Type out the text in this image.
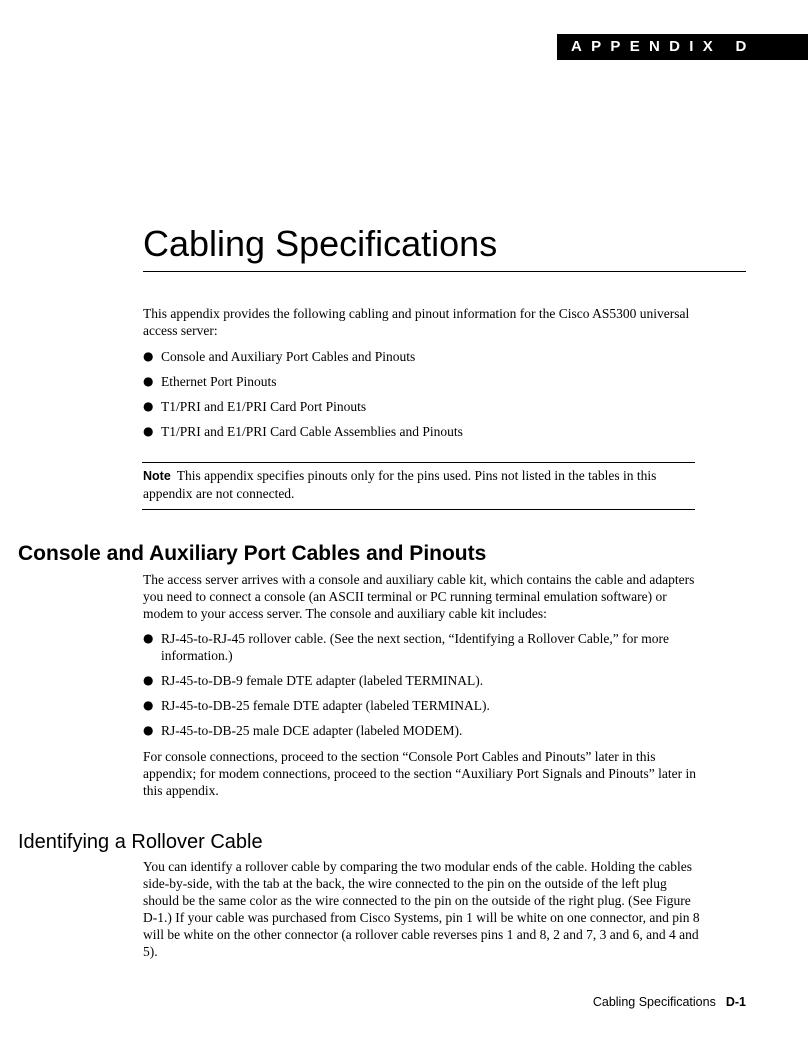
APPENDIX D
Cabling Specifications

This appendix provides the following cabling and pinout information for the Cisco AS5300 universal access server:

● Console and Auxiliary Port Cables and Pinouts
● Ethernet Port Pinouts
● T1/PRI and E1/PRI Card Port Pinouts
● T1/PRI and E1/PRI Card Cable Assemblies and Pinouts

Note This appendix specifies pinouts only for the pins used. Pins not listed in the tables in this appendix are not connected.

Console and Auxiliary Port Cables and Pinouts

The access server arrives with a console and auxiliary cable kit, which contains the cable and adapters you need to connect a console (an ASCII terminal or PC running terminal emulation software) or modem to your access server. The console and auxiliary cable kit includes:

● RJ-45-to-RJ-45 rollover cable. (See the next section, “Identifying a Rollover Cable,” for more information.)
● RJ-45-to-DB-9 female DTE adapter (labeled TERMINAL).
● RJ-45-to-DB-25 female DTE adapter (labeled TERMINAL).
● RJ-45-to-DB-25 male DCE adapter (labeled MODEM).

For console connections, proceed to the section “Console Port Cables and Pinouts” later in this appendix; for modem connections, proceed to the section “Auxiliary Port Signals and Pinouts” later in this appendix.

Identifying a Rollover Cable

You can identify a rollover cable by comparing the two modular ends of the cable. Holding the cables side-by-side, with the tab at the back, the wire connected to the pin on the outside of the left plug should be the same color as the wire connected to the pin on the outside of the right plug. (See Figure D-1.) If your cable was purchased from Cisco Systems, pin 1 will be white on one connector, and pin 8 will be white on the other connector (a rollover cable reverses pins 1 and 8, 2 and 7, 3 and 6, and 4 and 5).

Cabling Specifications D-1
